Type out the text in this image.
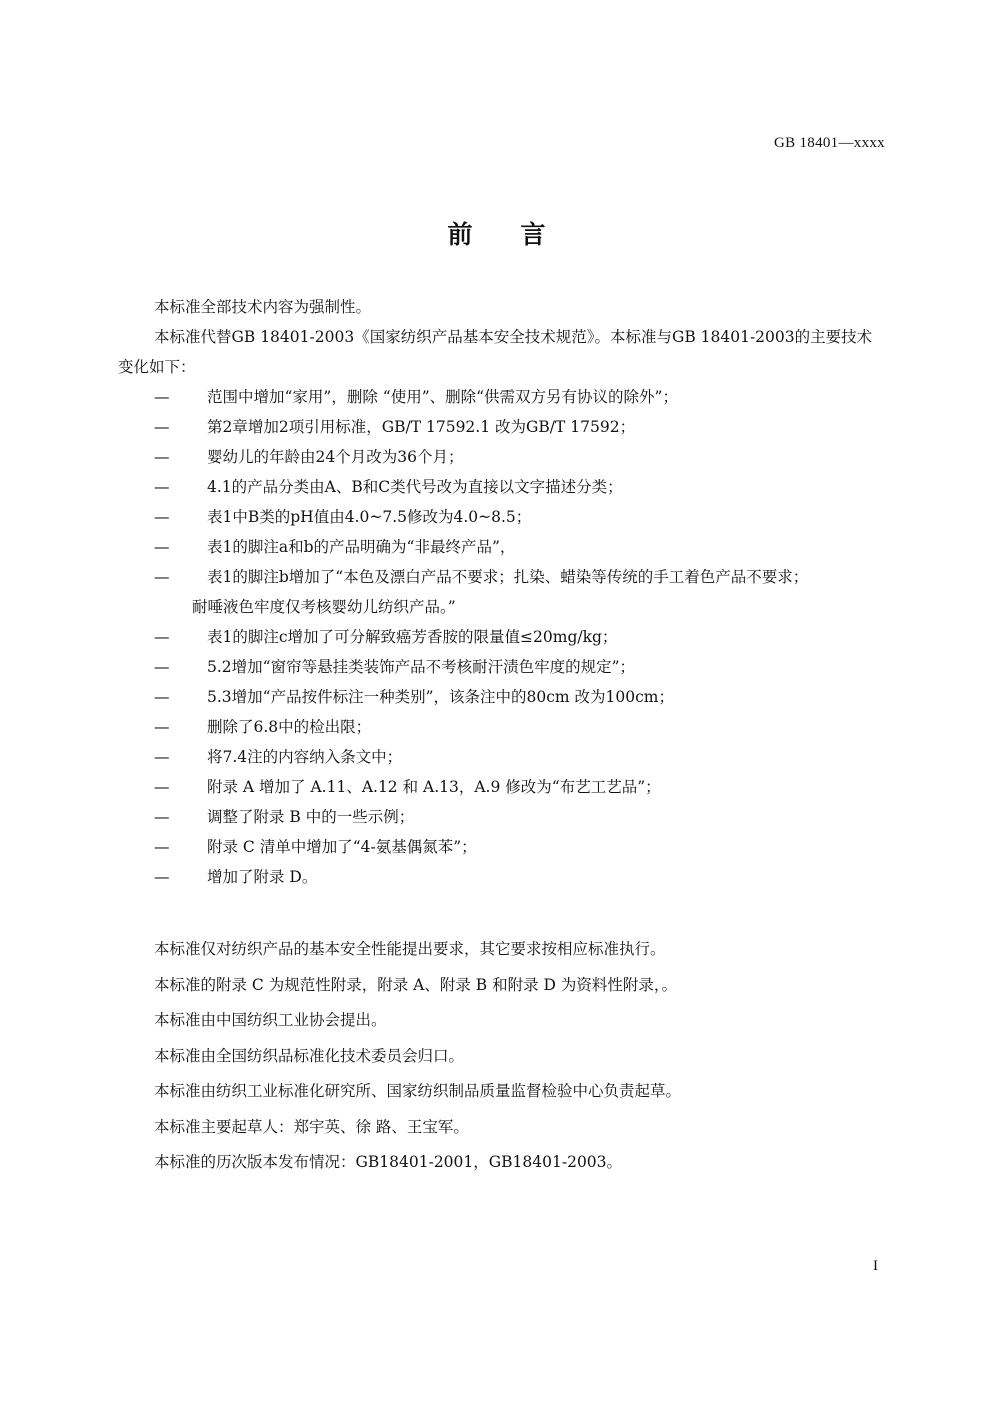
GB 18401—xxxx
前言
本标准全部技术内容为强制性。
本标准代替GB 18401-2003《国家纺织产品基本安全技术规范》。本标准与GB 18401-2003的主要技术变化如下：
— 范围中增加“家用”，删除 “使用”、删除“供需双方另有协议的除外”；
— 第2章增加2项引用标准，GB/T 17592.1 改为GB/T 17592；
— 婴幼儿的年龄由24个月改为36个月；
— 4.1的产品分类由A、B和C类代号改为直接以文字描述分类；
— 表1中B类的pH值由4.0~7.5修改为4.0~8.5；
— 表1的脚注a和b的产品明确为“非最终产品”，
— 表1的脚注b增加了“本色及漂白产品不要求；扎染、蜡染等传统的手工着色产品不要求；
耐唾液色牢度仅考核婴幼儿纺织产品。”
— 表1的脚注c增加了可分解致癌芳香胺的限量值≤20mg/kg；
— 5.2增加“窗帘等悬挂类装饰产品不考核耐汗渍色牢度的规定”；
— 5.3增加“产品按件标注一种类别”，该条注中的80cm 改为100cm；
— 删除了6.8中的检出限；
— 将7.4注的内容纳入条文中；
— 附录 A 增加了 A.11、A.12 和 A.13，A.9 修改为“布艺工艺品”；
— 调整了附录 B 中的一些示例；
— 附录 C 清单中增加了“4-氨基偶氮苯”；
— 增加了附录 D。

本标准仅对纺织产品的基本安全性能提出要求，其它要求按相应标准执行。

本标准的附录 C 为规范性附录，附录 A、附录 B 和附录 D 为资料性附录，。

本标准由中国纺织工业协会提出。

本标准由全国纺织品标准化技术委员会归口。

本标准由纺织工业标准化研究所、国家纺织制品质量监督检验中心负责起草。

本标准主要起草人：郑宇英、徐 路、王宝军。

本标准的历次版本发布情况：GB18401-2001，GB18401-2003。

I
